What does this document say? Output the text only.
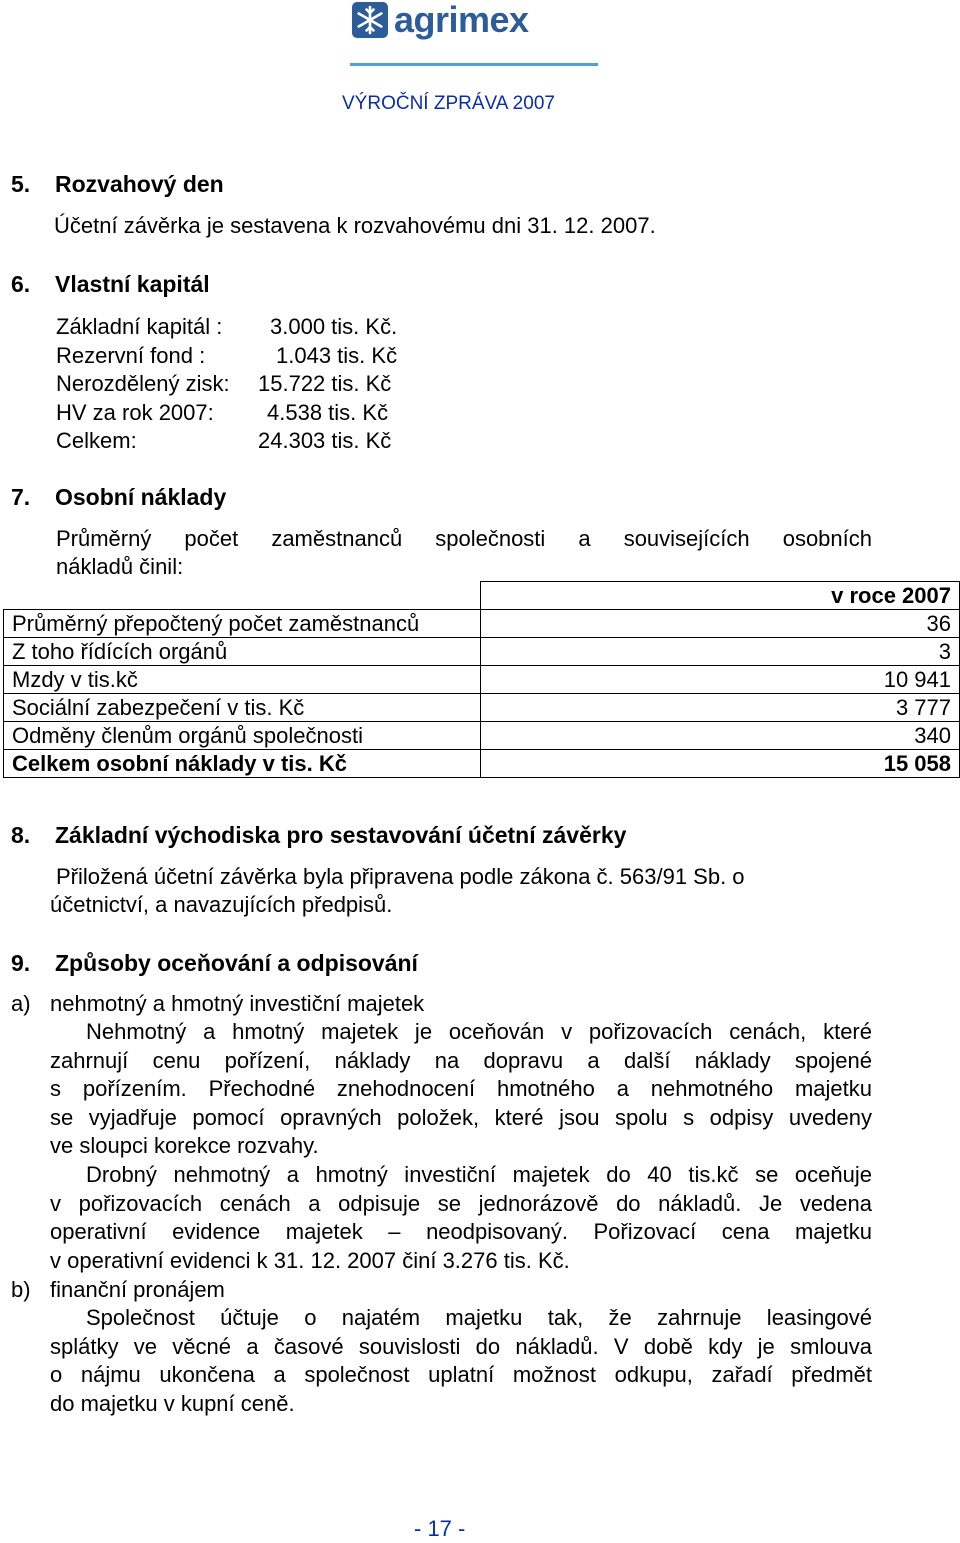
agrimex
VÝROČNÍ ZPRÁVA 2007
5. Rozvahový den
Účetní závěrka je sestavena k rozvahovému dni 31. 12. 2007.
6. Vlastní kapitál
Základní kapitál : 3.000 tis. Kč.
Rezervní fond :	1.043 tis. Kč
Nerozdělený zisk: 15.722 tis. Kč
HV za rok 2007: 4.538 tis. Kč
Celkem:	24.303 tis. Kč
7. Osobní náklady
Průměrný počet zaměstnanců společnosti a souvisejících osobních
nákladů činil:
	v roce 2007
Průměrný přepočtený počet zaměstnanců	36
Z toho řídících orgánů	3
Mzdy v tis.kč	10 941
Sociální zabezpečení v tis. Kč	3 777
Odměny členům orgánů společnosti	340
Celkem osobní náklady v tis. Kč	15 058
8. Základní východiska pro sestavování účetní závěrky
Přiložená účetní závěrka byla připravena podle zákona č. 563/91 Sb. o
účetnictví, a navazujících předpisů.
9. Způsoby oceňování a odpisování
a) nehmotný a hmotný investiční majetek
Nehmotný a hmotný majetek je oceňován v pořizovacích cenách, které
zahrnují cenu pořízení, náklady na dopravu a další náklady spojené
s pořízením. Přechodné znehodnocení hmotného a nehmotného majetku
se vyjadřuje pomocí opravných položek, které jsou spolu s odpisy uvedeny
ve sloupci korekce rozvahy.
Drobný nehmotný a hmotný investiční majetek do 40 tis.kč se oceňuje
v pořizovacích cenách a odpisuje se jednorázově do nákladů. Je vedena
operativní evidence majetek – neodpisovaný. Pořizovací cena majetku
v operativní evidenci k 31. 12. 2007 činí 3.276 tis. Kč.
b) finanční pronájem
Společnost účtuje o najatém majetku tak, že zahrnuje leasingové
splátky ve věcné a časové souvislosti do nákladů. V době kdy je smlouva
o nájmu ukončena a společnost uplatní možnost odkupu, zařadí předmět
do majetku v kupní ceně.
- 17 -
